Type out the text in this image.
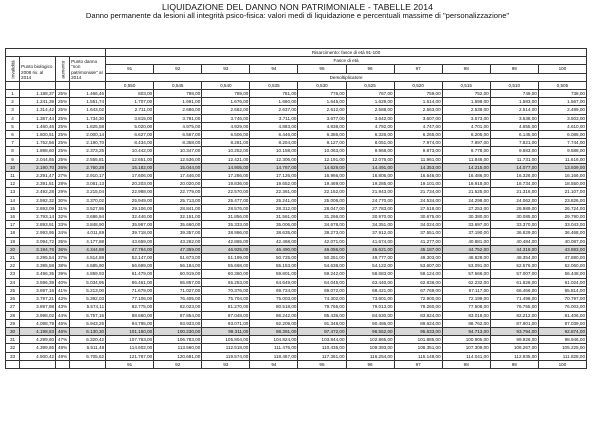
LIQUIDAZIONE DEL DANNO NON PATRIMONIALE - TABELLE 2014
Danno permanente da lesioni all integrità psico-fisica: valori medi di liquidazione e percentuali massime di "personalizzazione"
				Risarcimento: fasce di età 91-100									
Invalidità	Punto biologico 2008 riv. al 2014	aumento	Punto danno "non patrimoniale" al 2014	Fasce di età									
				91	92	93	94	95	96	97	98	99	100
				Demoltiplicatore									
				0,550	0,545	0,540	0,535	0,530	0,525	0,520	0,515	0,510	0,505
1	1.188,37	25%	1.466,46	803,00	798,00	789,00	781,00	776,00	767,00	759,00	752,00	749,00	738,00
2	1.241,39	25%	1.551,74	1.707,00	1.691,00	1.676,00	1.660,00	1.645,00	1.629,00	1.614,00	1.598,00	1.583,00	1.567,00
3	1.314,42	25%	1.643,02	2.711,00	2.686,00	2.662,00	2.637,00	2.612,00	2.588,00	2.563,00	2.538,00	2.514,00	2.489,00
4	1.387,44	25%	1.734,30	3.815,00	3.781,00	3.746,00	3.711,00	3.677,00	3.642,00	3.607,00	3.573,00	3.538,00	3.503,00
5	1.460,46	25%	1.825,58	5.020,00	4.975,00	4.929,00	4.883,00	4.838,00	4.792,00	4.747,00	4.701,00	4.655,00	4.610,00
6	1.600,51	25%	2.000,14	6.627,00	6.567,00	6.506,00	6.446,00	6.386,00	6.326,00	6.265,00	6.205,00	6.145,00	6.085,00
7	1.752,56	25%	2.190,70	8.434,00	8.358,00	8.281,00	8.204,00	8.127,00	8.051,00	7.974,00	7.897,00	7.821,00	7.744,00
8	1.898,60	25%	2.373,25	10.442,00	10.347,00	10.252,00	10.158,00	10.063,00	9.968,00	9.873,00	9.778,00	9.683,00	9.588,00
9	2.044,65	25%	2.555,81	12.651,00	12.536,00	12.421,00	12.306,00	12.191,00	12.076,00	11.961,00	11.846,00	11.731,00	11.616,00
10	2.190,70	26%	2.760,28	15.182,00	15.044,00	14.905,00	14.767,00	14.629,00	14.491,00	14.353,00	14.215,00	14.077,00	13.939,00
11	2.291,47	27%	2.910,17	17.606,00	17.446,00	17.286,00	17.126,00	16.966,00	16.806,00	16.646,00	16.486,00	16.326,00	16.166,00
12	2.391,51	28%	3.061,13	20.203,00	20.020,00	19.836,00	19.652,00	19.469,00	19.285,00	19.101,00	18.918,00	18.734,00	18.550,00
13	2.492,28	29%	3.215,04	22.988,00	22.779,00	22.570,00	22.361,00	22.152,00	21.943,00	21.734,00	21.525,00	21.316,00	21.107,00
14	2.592,32	30%	3.370,02	25.949,00	25.713,00	25.477,00	25.241,00	25.006,00	24.770,00	24.534,00	24.298,00	24.062,00	23.826,00
15	2.693,09	31%	3.527,95	29.106,00	28.841,00	28.576,00	28.312,00	28.047,00	27.783,00	27.518,00	27.253,00	26.989,00	26.724,00
16	2.793,14	32%	3.686,94	32.446,00	32.151,00	31.856,00	31.561,00	31.266,00	30.970,00	30.675,00	30.380,00	30.085,00	29.790,00
17	2.893,91	33%	3.848,90	35.987,00	35.660,00	35.333,00	35.006,00	34.678,00	34.351,00	34.024,00	33.697,00	33.370,00	33.043,00
18	2.993,95	34%	4.011,89	39.718,00	39.357,00	38.996,00	38.635,00	38.273,00	37.912,00	37.551,00	37.190,00	36.829,00	36.468,00
19	3.094,72	35%	4.177,88	43.659,00	43.262,00	42.865,00	42.468,00	42.071,00	41.674,00	41.277,00	40.881,00	40.484,00	40.087,00
20	3.194,76	36%	4.344,88	47.794,00	47.359,00	46.925,00	46.490,00	46.056,00	45.621,00	45.187,00	44.752,00	44.318,00	43.883,00
21	3.295,54	37%	4.514,88	52.147,00	51.673,00	51.199,00	50.725,00	50.251,00	49.777,00	49.303,00	48.828,00	48.354,00	47.880,00
22	3.395,58	38%	4.685,90	56.699,00	56.184,00	55.668,00	55.153,00	54.638,00	54.122,00	53.607,00	53.091,00	52.576,00	52.060,00
23	3.496,35	39%	4.859,93	61.479,00	60.919,00	60.360,00	59.801,00	59.242,00	58.683,00	58.124,00	57.566,00	57.007,00	56.448,00
24	3.596,39	40%	5.034,95	66.461,00	65.857,00	65.253,00	64.649,00	64.045,00	63.440,00	62.836,00	62.232,00	61.628,00	61.024,00
25	3.697,16	41%	5.213,00	71.679,00	71.027,00	70.376,00	69.724,00	69.072,00	68.421,00	67.769,00	67.117,00	66.466,00	65.814,00
26	3.797,21	42%	5.392,03	77.106,00	76.405,00	75.704,00	75.003,00	74.302,00	73.601,00	72.900,00	72.199,00	71.498,00	70.797,00
27	3.897,98	43%	5.574,11	82.775,00	82.023,00	81.270,00	80.518,00	79.765,00	79.013,00	78.260,00	77.508,00	76.755,00	76.003,00
28	3.998,02	44%	5.757,15	88.660,00	87.854,00	87.048,00	86.242,00	85.436,00	84.630,00	83.824,00	83.018,00	82.212,00	81.406,00
29	4.098,79	45%	5.943,25	94.795,00	93.933,00	93.071,00	92.209,00	91.348,00	90.486,00	89.624,00	88.762,00	87.901,00	87.039,00
30	4.198,83	46%	6.130,30	101.150,00	100.230,00	99.311,00	98.391,00	97.472,00	96.552,00	95.633,00	94.713,00	93.794,00	92.874,00
31	4.299,60	47%	6.320,42	107.763,00	106.783,00	105.804,00	104.824,00	103.844,00	102.865,00	101.885,00	100.905,00	99.926,00	98.946,00
32	4.399,65	48%	6.511,48	114.602,00	113.560,00	112.518,00	111.476,00	110.435,00	109.393,00	108.351,00	107.309,00	106.267,00	105.225,00
33	4.500,42	49%	6.705,62	121.787,00	120.681,00	119.574,00	118.467,00	117.361,00	116.254,00	115.148,00	114.041,00	112.935,00	111.828,00
				91	92	93	94	95	96	97	98	99	100
